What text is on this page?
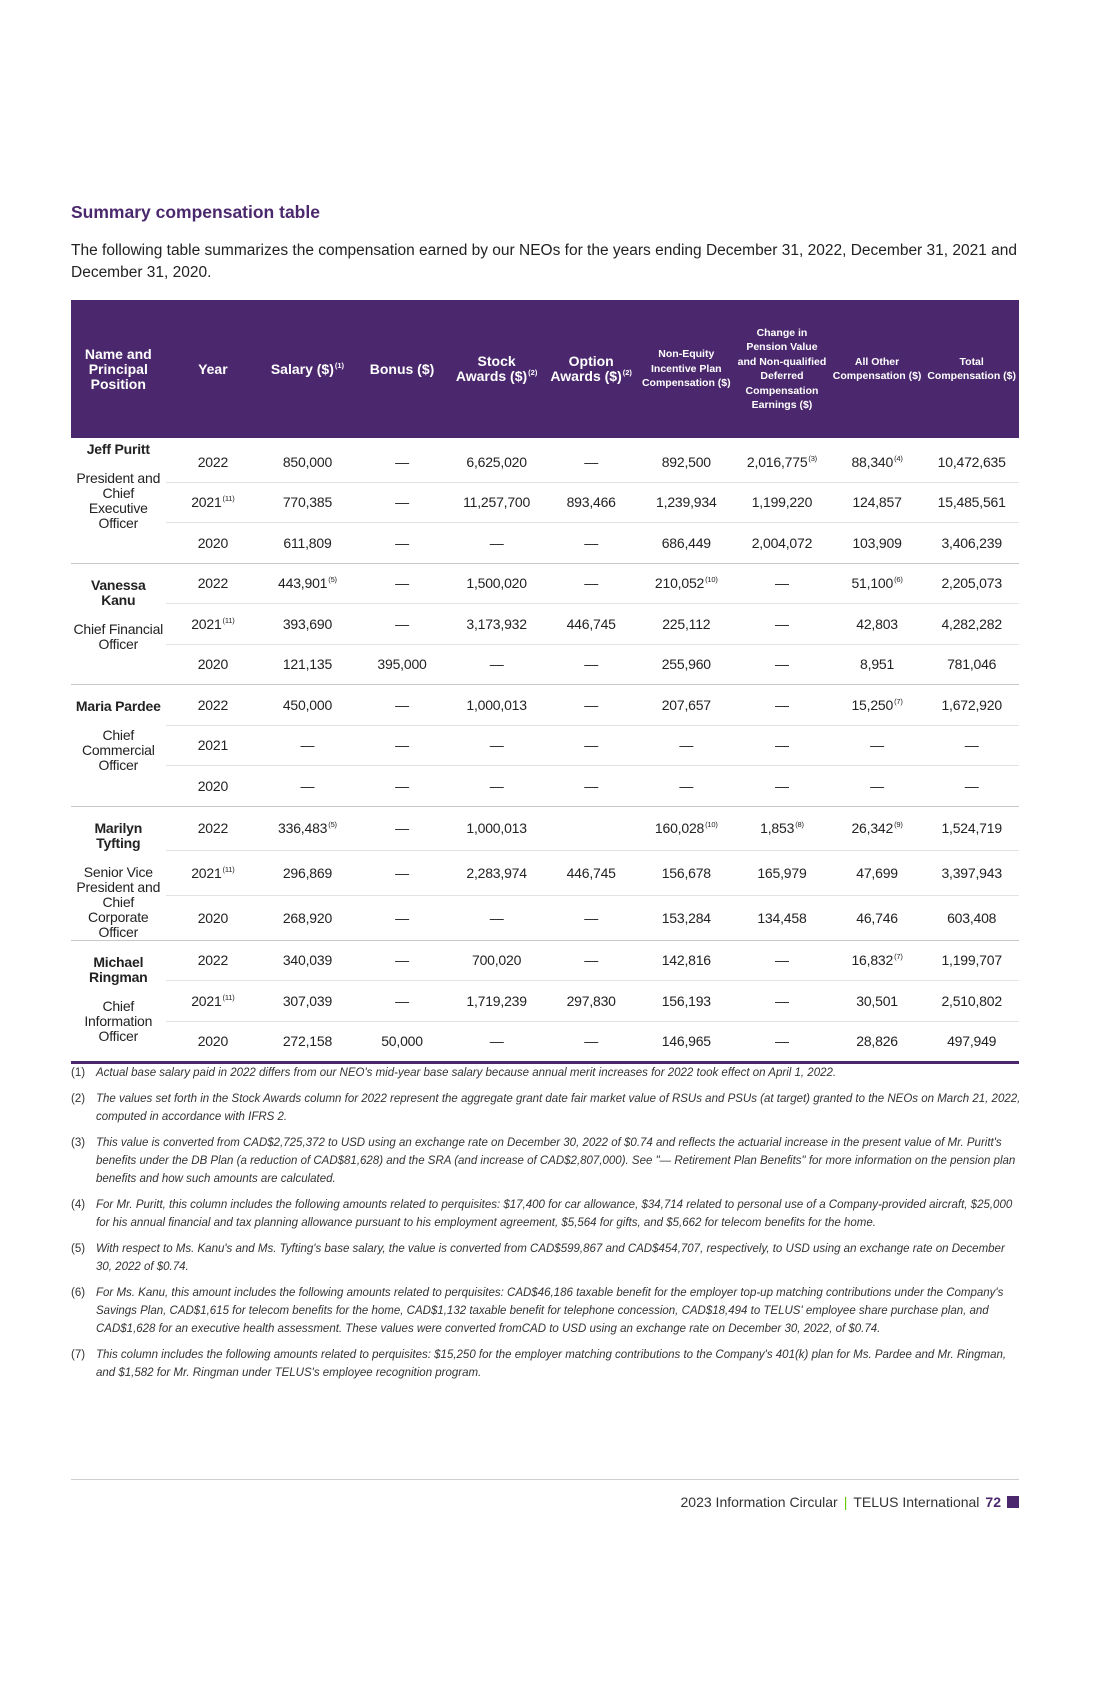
Summary compensation table

The following table summarizes the compensation earned by our NEOs for the years ending December 31, 2022, December 31, 2021 and December 31, 2020.

Name and Principal Position	Year	Salary ($)$^{(1)}$	Bonus ($)	Stock Awards ($)$^{(2)}$	Option Awards ($)$^{(2)}$	Non-Equity Incentive Plan Compensation ($)	Change in Pension Value and Non-qualified Deferred Compensation Earnings ($)	All Other Compensation ($)	Total Compensation ($)

Jeff Puritt
President and Chief Executive Officer	2022	850,000	—	6,625,020	—	892,500	2,016,775$^{(3)}$	88,340$^{(4)}$	10,472,635
	2021$^{(11)}$	770,385	—	11,257,700	893,466	1,239,934	1,199,220	124,857	15,485,561
	2020	611,809	—	—	—	686,449	2,004,072	103,909	3,406,239

Vanessa Kanu
Chief Financial Officer	2022	443,901$^{(5)}$	—	1,500,020	—	210,052$^{(10)}$	—	51,100$^{(6)}$	2,205,073
	2021$^{(11)}$	393,690	—	3,173,932	446,745	225,112	—	42,803	4,282,282
	2020	121,135	395,000	—	—	255,960	—	8,951	781,046

Maria Pardee
Chief Commercial Officer	2022	450,000	—	1,000,013	—	207,657	—	15,250$^{(7)}$	1,672,920
	2021	—	—	—	—	—	—	—	—
	2020	—	—	—	—	—	—	—	—

Marilyn Tyfting
Senior Vice President and Chief Corporate Officer	2022	336,483$^{(5)}$	—	1,000,013		160,028$^{(10)}$	1,853$^{(8)}$	26,342$^{(9)}$	1,524,719
	2021$^{(11)}$	296,869	—	2,283,974	446,745	156,678	165,979	47,699	3,397,943
	2020	268,920	—	—	—	153,284	134,458	46,746	603,408

Michael Ringman
Chief Information Officer	2022	340,039	—	700,020	—	142,816	—	16,832$^{(7)}$	1,199,707
	2021$^{(11)}$	307,039	—	1,719,239	297,830	156,193	—	30,501	2,510,802
	2020	272,158	50,000	—	—	146,965	—	28,826	497,949
(1) Actual base salary paid in 2022 differs from our NEO's mid-year base salary because annual merit increases for 2022 took effect on April 1, 2022.
(2) The values set forth in the Stock Awards column for 2022 represent the aggregate grant date fair market value of RSUs and PSUs (at target) granted to the NEOs on March 21, 2022, computed in accordance with IFRS 2.
(3) This value is converted from CAD$2,725,372 to USD using an exchange rate on December 30, 2022 of $0.74 and reflects the actuarial increase in the present value of Mr. Puritt's benefits under the DB Plan (a reduction of CAD$81,628) and the SRA (and increase of CAD$2,807,000). See "— Retirement Plan Benefits" for more information on the pension plan benefits and how such amounts are calculated.
(4) For Mr. Puritt, this column includes the following amounts related to perquisites: $17,400 for car allowance, $34,714 related to personal use of a Company-provided aircraft, $25,000 for his annual financial and tax planning allowance pursuant to his employment agreement, $5,564 for gifts, and $5,662 for telecom benefits for the home.
(5) With respect to Ms. Kanu's and Ms. Tyfting's base salary, the value is converted from CAD$599,867 and CAD$454,707, respectively, to USD using an exchange rate on December 30, 2022 of $0.74.
(6) For Ms. Kanu, this amount includes the following amounts related to perquisites: CAD$46,186 taxable benefit for the employer top-up matching contributions under the Company's Savings Plan, CAD$1,615 for telecom benefits for the home, CAD$1,132 taxable benefit for telephone concession, CAD$18,494 to TELUS' employee share purchase plan, and CAD$1,628 for an executive health assessment. These values were converted fromCAD to USD using an exchange rate on December 30, 2022, of $0.74.
(7) This column includes the following amounts related to perquisites: $15,250 for the employer matching contributions to the Company's 401(k) plan for Ms. Pardee and Mr. Ringman, and $1,582 for Mr. Ringman under TELUS's employee recognition program.
2023 Information Circular | TELUS International 72
